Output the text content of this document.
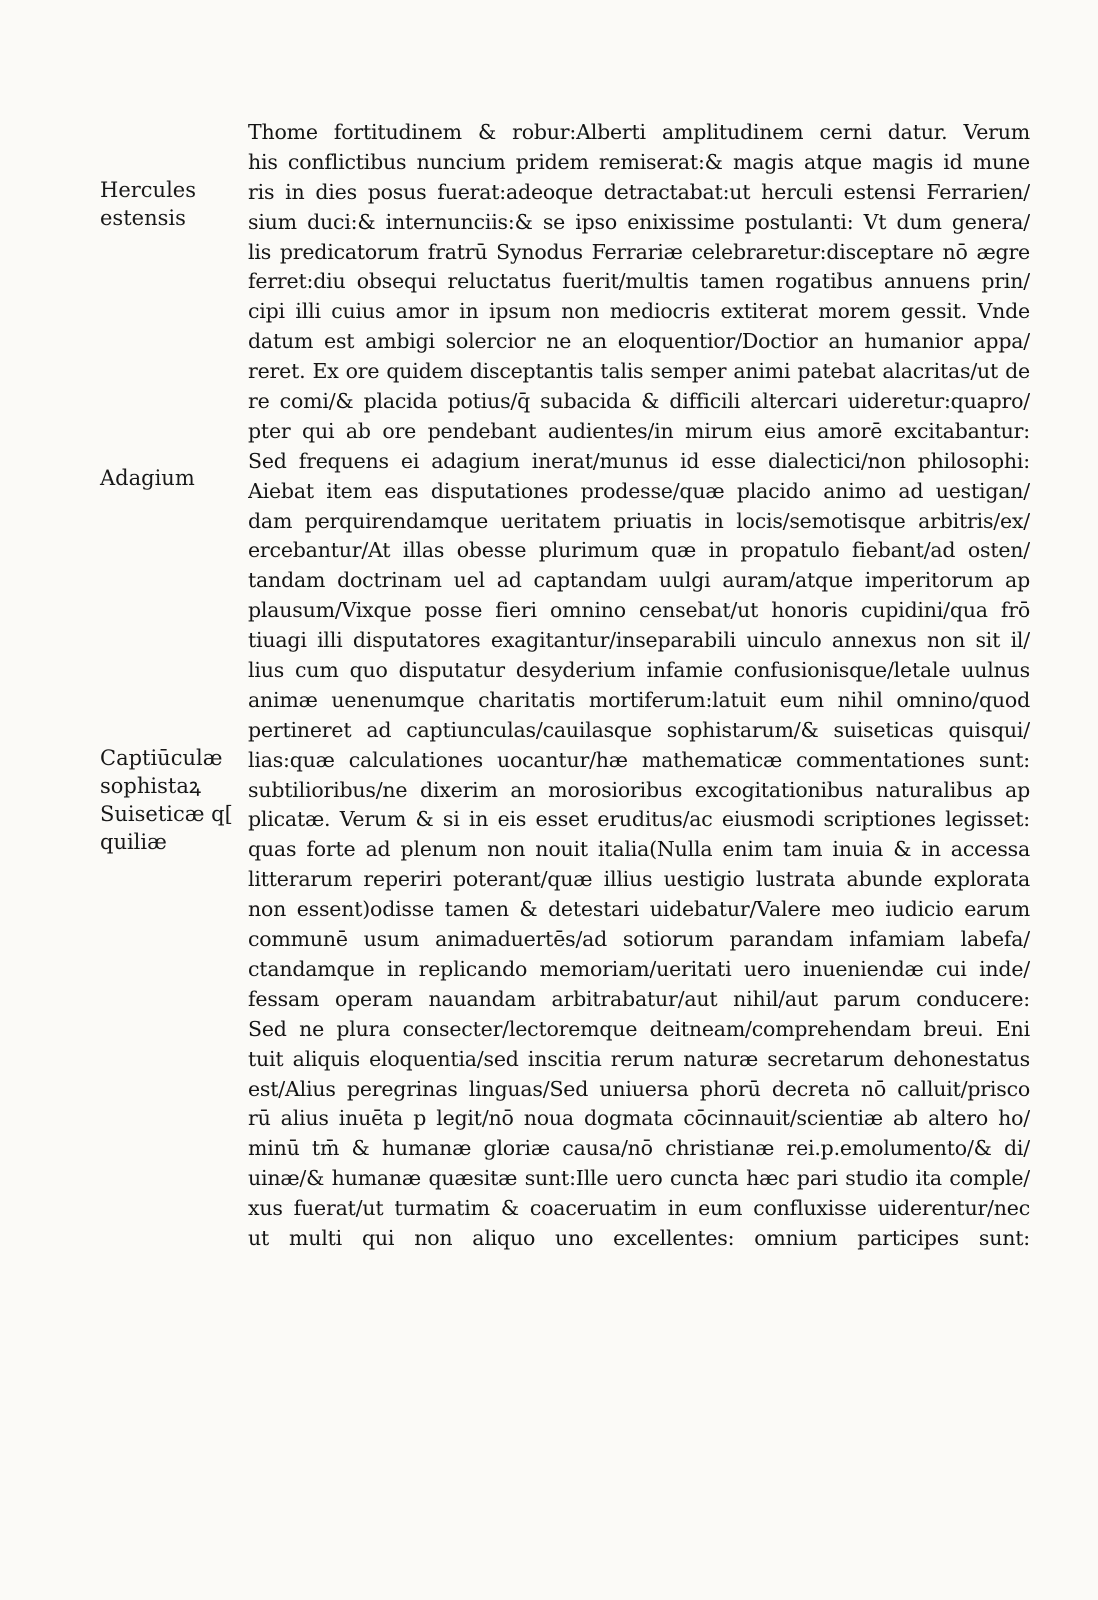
Hercules
estensis
Adagium
Captiūculæ
sophistaꝝ
Suiseticæ q[
quiliæ
Thome fortitudinem & robur:Alberti amplitudinem cerni datur. Verum
his conflictibus nuncium pridem remiserat:& magis atque magis id mune
ris in dies posus fuerat:adeoque detractabat:ut herculi estensi Ferrarien/
sium duci:& internunciis:& se ipso enixissime postulanti: Vt dum genera/
lis predicatorum fratrū Synodus Ferrariæ celebraretur:disceptare nō ægre
ferret:diu obsequi reluctatus fuerit/multis tamen rogatibus annuens prin/
cipi illi cuius amor in ipsum non mediocris extiterat morem gessit. Vnde
datum est ambigi solercior ne an eloquentior/Doctior an humanior appa/
reret. Ex ore quidem disceptantis talis semper animi patebat alacritas/ut de
re comi/& placida potius/q̄ subacida & difficili altercari uideretur:quapro/
pter qui ab ore pendebant audientes/in mirum eius amorē excitabantur:
Sed frequens ei adagium inerat/munus id esse dialectici/non philosophi:
Aiebat item eas disputationes prodesse/quæ placido animo ad uestigan/
dam perquirendamque ueritatem priuatis in locis/semotisque arbitris/ex/
ercebantur/At illas obesse plurimum quæ in propatulo fiebant/ad osten/
tandam doctrinam uel ad captandam uulgi auram/atque imperitorum ap
plausum/Vixque posse fieri omnino censebat/ut honoris cupidini/qua frō
tiuagi illi disputatores exagitantur/inseparabili uinculo annexus non sit il/
lius cum quo disputatur desyderium infamie confusionisque/letale uulnus
animæ uenenumque charitatis mortiferum:latuit eum nihil omnino/quod
pertineret ad captiunculas/cauilasque sophistarum/& suiseticas quisqui/
lias:quæ calculationes uocantur/hæ mathematicæ commentationes sunt:
subtilioribus/ne dixerim an morosioribus excogitationibus naturalibus ap
plicatæ. Verum & si in eis esset eruditus/ac eiusmodi scriptiones legisset:
quas forte ad plenum non nouit italia(Nulla enim tam inuia & in accessa
litterarum reperiri poterant/quæ illius uestigio lustrata abunde explorata
non essent)odisse tamen & detestari uidebatur/Valere meo iudicio earum
communē usum animaduertēs/ad sotiorum parandam infamiam labefa/
ctandamque in replicando memoriam/ueritati uero inueniendæ cui inde/
fessam operam nauandam arbitrabatur/aut nihil/aut parum conducere:
Sed ne plura consecter/lectoremque deitneam/comprehendam breui. Eni
tuit aliquis eloquentia/sed inscitia rerum naturæ secretarum dehonestatus
est/Alius peregrinas linguas/Sed uniuersa phorū decreta nō calluit/prisco
rū alius inuēta p legit/nō noua dogmata cōcinnauit/scientiæ ab altero ho/
minū tm̄ & humanæ gloriæ causa/nō christianæ rei.p.emolumento/& di/
uinæ/& humanæ quæsitæ sunt:Ille uero cuncta hæc pari studio ita comple/
xus fuerat/ut turmatim & coaceruatim in eum confluxisse uiderentur/nec
ut multi qui non aliquo uno excellentes: omnium participes sunt:
